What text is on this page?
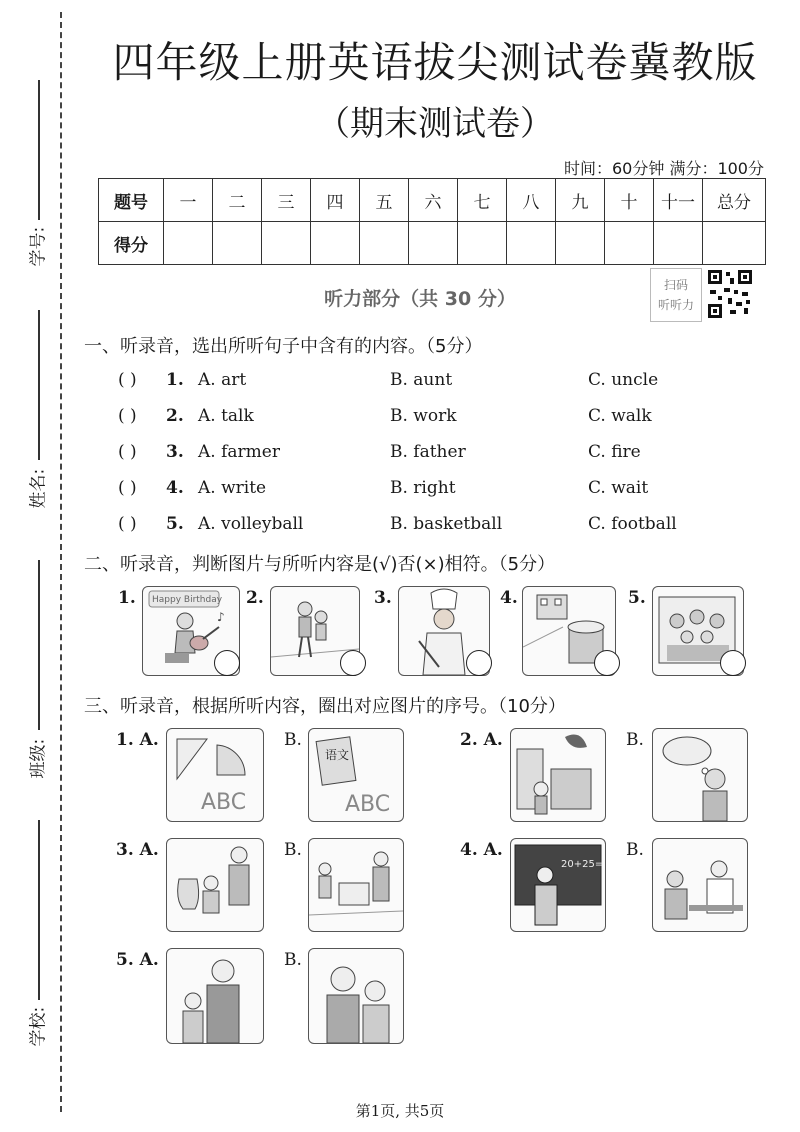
学号:
姓名:
班级:
学校:
四年级上册英语拔尖测试卷冀教版
（期末测试卷）
时间：60分钟 满分：100分
题号	一	二	三	四	五	六	七	八	九	十	十一	总分
得分												
听力部分（共 30 分）
扫码
听听力
一、听录音，选出所听句子中含有的内容。（5分）
( ) 1. A. art	B. aunt	C. uncle
( ) 2. A. talk	B. work	C. walk
( ) 3. A. farmer	B. father	C. fire
( ) 4. A. write	B. right	C. wait
( ) 5. A. volleyball	B. basketball	C. football
二、听录音，判断图片与所听内容是(√)否(×)相符。（5分）
1. Happy Birthday
♪
2.	3.	4.	5.
三、听录音，根据所听内容，圈出对应图片的序号。（10分）
1. A.
ABC
B.
语文
ABC
2. A.	B.
3. A.	B.	4. A.
20+25=
B.
5. A.	B.
第1页, 共5页
